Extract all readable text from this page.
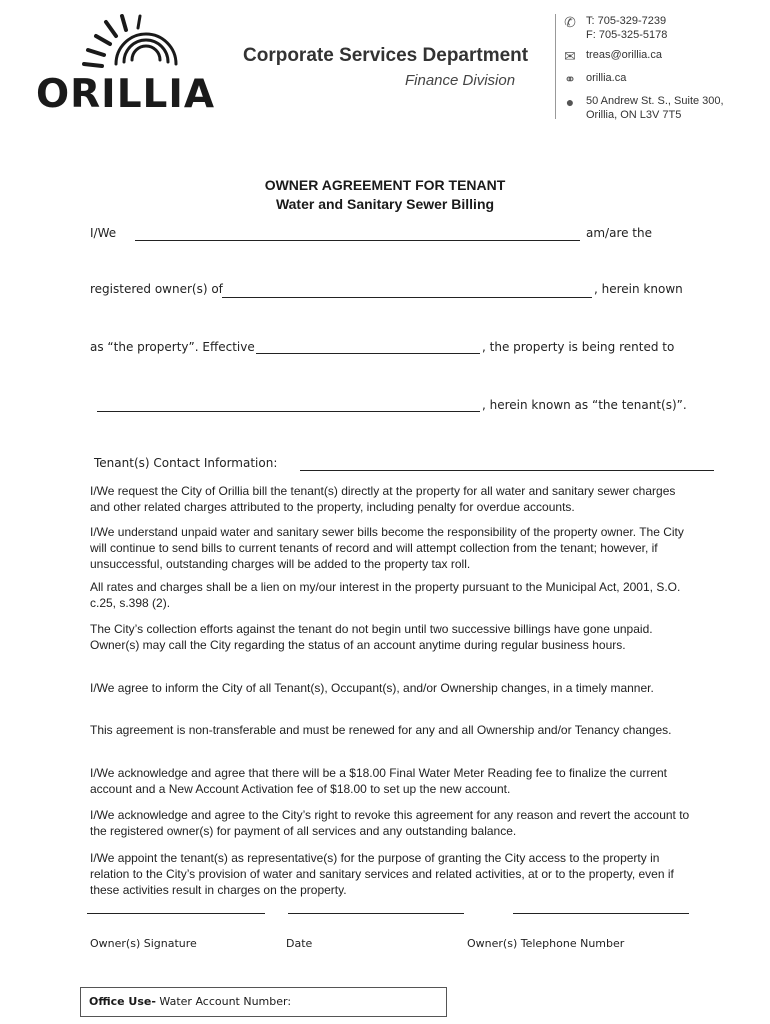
ORILLIA
Corporate Services Department
Finance Division
✆ T: 705-329-7239
F: 705-325-5178
✉ treas@orillia.ca
⚭ orillia.ca
●	50 Andrew St. S., Suite 300,
Orillia, ON L3V 7T5
OWNER AGREEMENT FOR TENANT
Water and Sanitary Sewer Billing
I/We	am/are the
registered owner(s) of	, herein known
as “the property”. Effective	, the property is being rented to
, herein known as “the tenant(s)”.
Tenant(s) Contact Information:
I/We request the City of Orillia bill the tenant(s) directly at the property for all water and sanitary sewer charges and other related charges attributed to the property, including penalty for overdue accounts.
I/We understand unpaid water and sanitary sewer bills become the responsibility of the property owner. The City will continue to send bills to current tenants of record and will attempt collection from the tenant; however, if unsuccessful, outstanding charges will be added to the property tax roll.
All rates and charges shall be a lien on my/our interest in the property pursuant to the Municipal Act, 2001, S.O. c.25, s.398 (2).
The City’s collection efforts against the tenant do not begin until two successive billings have gone unpaid. Owner(s) may call the City regarding the status of an account anytime during regular business hours.
I/We agree to inform the City of all Tenant(s), Occupant(s), and/or Ownership changes, in a timely manner.
This agreement is non-transferable and must be renewed for any and all Ownership and/or Tenancy changes.
I/We acknowledge and agree that there will be a $18.00 Final Water Meter Reading fee to finalize the current account and a New Account Activation fee of $18.00 to set up the new account.
I/We acknowledge and agree to the City’s right to revoke this agreement for any reason and revert the account to the registered owner(s) for payment of all services and any outstanding balance.
I/We appoint the tenant(s) as representative(s) for the purpose of granting the City access to the property in relation to the City’s provision of water and sanitary services and related activities, at or to the property, even if these activities result in charges on the property.
Owner(s) Signature	Date	Owner(s) Telephone Number
Office Use- Water Account Number:
